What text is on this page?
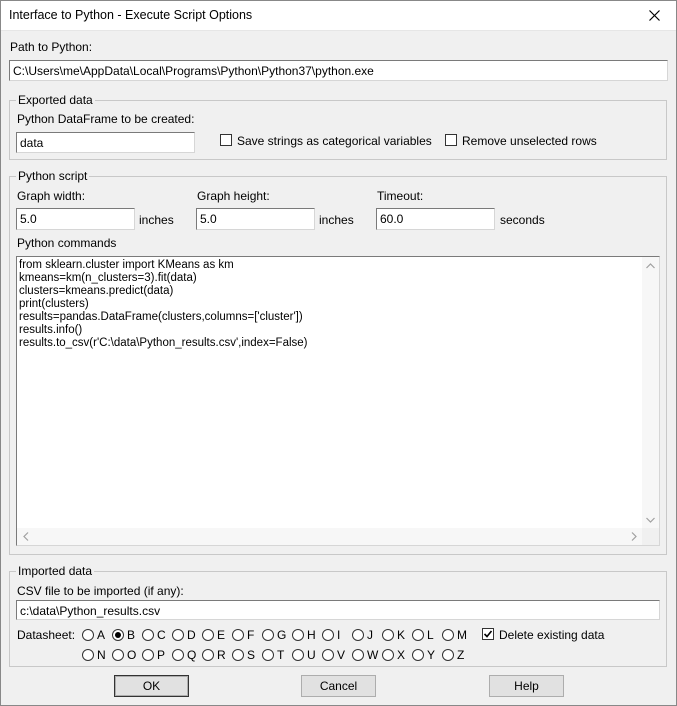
Interface to Python - Execute Script Options
Path to Python:
C:\Users\me\AppData\Local\Programs\Python\Python37\python.exe
Exported data
Python DataFrame to be created:
data	Save strings as categorical variables	Remove unselected rows
Python script
Graph width:
5.0	inches
Graph height:
5.0	inches
Timeout:
60.0	seconds
Python commands
from sklearn.cluster import KMeans as km
kmeans=km(n_clusters=3).fit(data)
clusters=kmeans.predict(data)
print(clusters)
results=pandas.DataFrame(clusters,columns=['cluster'])
results.info()
results.to_csv(r'C:\data\Python_results.csv',index=False)
Imported data
CSV file to be imported (if any):
c:\data\Python_results.csv
Datasheet: A B C D E F G H I J K L M
N O P Q R S T U V W X Y Z
Delete existing data
OK	Cancel	Help
